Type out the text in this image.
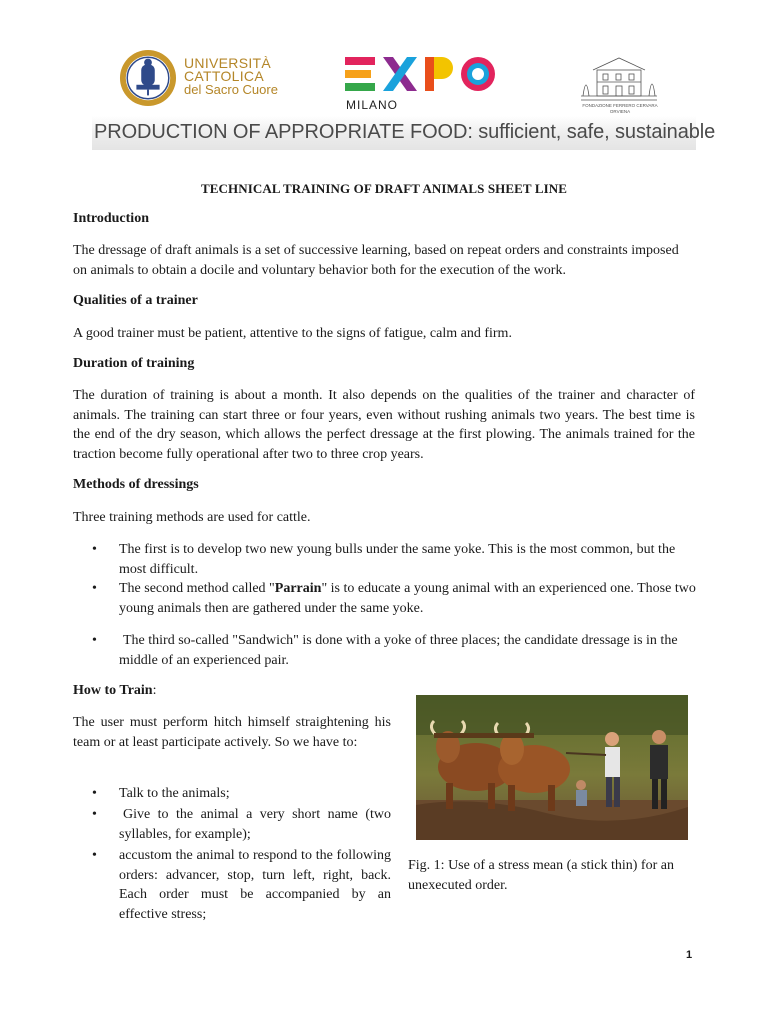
UNIVERSITÀ
CATTOLICA
del Sacro Cuore
MILANO	FONDAZIONE FERRERO CERVARA ORVIENA
PRODUCTION OF APPROPRIATE FOOD: sufficient, safe, sustainable
TECHNICAL TRAINING OF DRAFT ANIMALS SHEET LINE
Introduction
The dressage of draft animals is a set of successive learning, based on repeat orders and constraints imposed on animals to obtain a docile and voluntary behavior both for the execution of the work.
Qualities of a trainer
A good trainer must be patient, attentive to the signs of fatigue, calm and firm.
Duration of training
The duration of training is about a month. It also depends on the qualities of the trainer and character of animals. The training can start three or four years, even without rushing animals two years. The best time is the end of the dry season, which allows the perfect dressage at the first plowing. The animals trained for the traction become fully operational after two to three crop years.
Methods of dressings
Three training methods are used for cattle.
• The first is to develop two new young bulls under the same yoke. This is the most common, but the most difficult.
• The second method called "Parrain" is to educate a young animal with an experienced one. Those two young animals then are gathered under the same yoke.
• The third so-called "Sandwich" is done with a yoke of three places; the candidate dressage is in the middle of an experienced pair.
How to Train:
The user must perform hitch himself straightening his team or at least participate actively. So we have to:
• Talk to the animals;
• Give to the animal a very short name (two syllables, for example);
• accustom the animal to respond to the following orders: advancer, stop, turn left, right, back. Each order must be accompanied by an effective stress;
Fig. 1: Use of a stress mean (a stick thin) for an unexecuted order.
1
